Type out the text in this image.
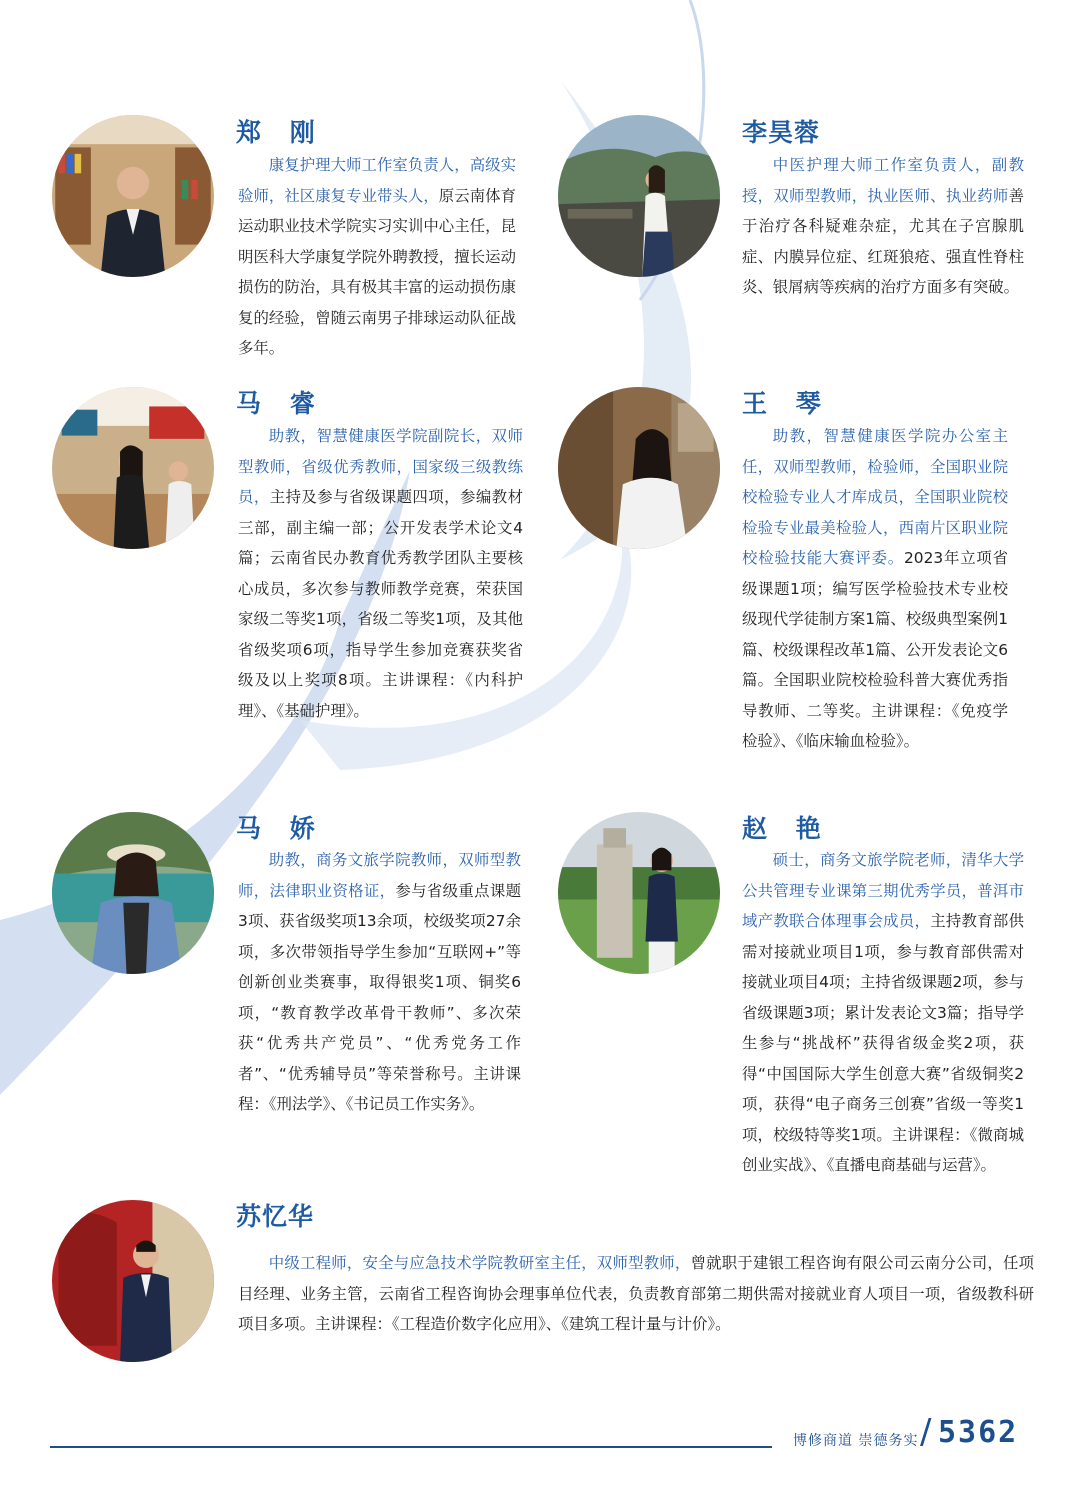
郑 刚
康复护理大师工作室负责人，高级实验师，社区康复专业带头人，原云南体育运动职业技术学院实习实训中心主任，昆明医科大学康复学院外聘教授，擅长运动损伤的防治，具有极其丰富的运动损伤康复的经验，曾随云南男子排球运动队征战多年。
李昊蓉
中医护理大师工作室负责人，副教授，双师型教师，执业医师、执业药师善于治疗各科疑难杂症，尤其在子宫腺肌症、内膜异位症、红斑狼疮、强直性脊柱炎、银屑病等疾病的治疗方面多有突破。
马 睿
助教，智慧健康医学院副院长，双师型教师，省级优秀教师，国家级三级教练员，主持及参与省级课题四项，参编教材三部，副主编一部；公开发表学术论文4篇；云南省民办教育优秀教学团队主要核心成员，多次参与教师教学竞赛，荣获国家级二等奖1项，省级二等奖1项，及其他省级奖项6项，指导学生参加竞赛获奖省级及以上奖项8项。主讲课程：《内科护理》、《基础护理》。
王 琴
助教，智慧健康医学院办公室主任，双师型教师，检验师，全国职业院校检验专业人才库成员，全国职业院校检验专业最美检验人，西南片区职业院校检验技能大赛评委。2023年立项省级课题1项；编写医学检验技术专业校级现代学徒制方案1篇、校级典型案例1篇、校级课程改革1篇、公开发表论文6篇。全国职业院校检验科普大赛优秀指导教师、二等奖。主讲课程：《免疫学检验》、《临床输血检验》。
马 娇
助教，商务文旅学院教师，双师型教师，法律职业资格证，参与省级重点课题3项、获省级奖项13余项，校级奖项27余项，多次带领指导学生参加“互联网+”等创新创业类赛事，取得银奖1项、铜奖6项，“教育教学改革骨干教师”、多次荣获“优秀共产党员”、“优秀党务工作者”、“优秀辅导员”等荣誉称号。主讲课程：《刑法学》、《书记员工作实务》。
赵 艳
硕士，商务文旅学院老师，清华大学公共管理专业课第三期优秀学员，普洱市域产教联合体理事会成员，主持教育部供需对接就业项目1项，参与教育部供需对接就业项目4项；主持省级课题2项，参与省级课题3项；累计发表论文3篇；指导学生参与“挑战杯”获得省级金奖2项，获得“中国国际大学生创意大赛”省级铜奖2项，获得“电子商务三创赛”省级一等奖1项，校级特等奖1项。主讲课程：《微商城创业实战》、《直播电商基础与运营》。
苏忆华
中级工程师，安全与应急技术学院教研室主任，双师型教师，曾就职于建银工程咨询有限公司云南分公司，任项目经理、业务主管，云南省工程咨询协会理事单位代表，负责教育部第二期供需对接就业育人项目一项，省级教科研项目多项。主讲课程：《工程造价数字化应用》、《建筑工程计量与计价》。
博修商道 崇德务实 / 5362
